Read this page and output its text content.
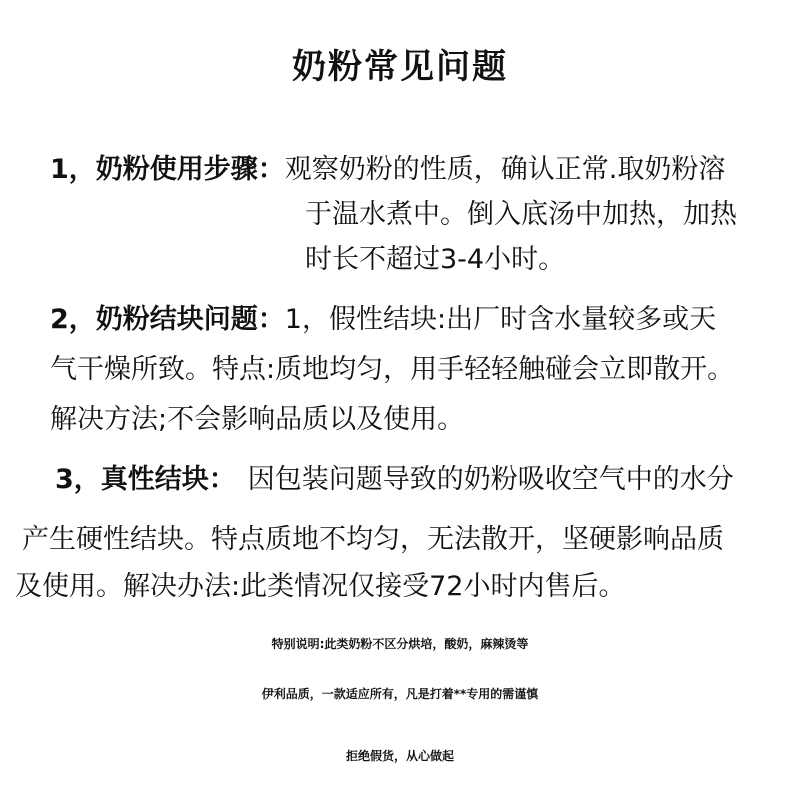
奶粉常见问题
1，奶粉使用步骤：观察奶粉的性质，确认正常.取奶粉溶
于温水煮中。倒入底汤中加热，加热
时长不超过3-4小时。
2，奶粉结块问题：1，假性结块:出厂时含水量较多或天
气干燥所致。特点:质地均匀，用手轻轻触碰会立即散开。
解决方法;不会影响品质以及使用。
3，真性结块： 因包装问题导致的奶粉吸收空气中的水分
产生硬性结块。特点质地不均匀，无法散开，坚硬影响品质
及使用。解决办法:此类情况仅接受72小时内售后。
特别说明:此类奶粉不区分烘培，酸奶，麻辣烫等
伊利品质，一款适应所有，凡是打着**专用的需谨慎
拒绝假货，从心做起
